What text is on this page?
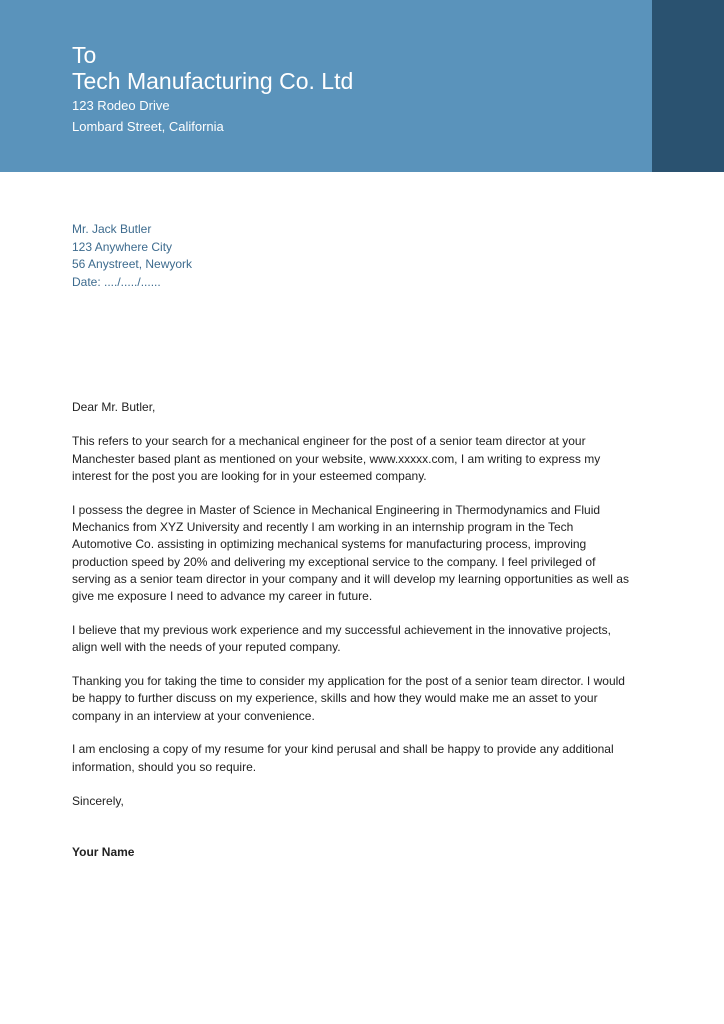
To
Tech Manufacturing Co. Ltd
123 Rodeo Drive
Lombard Street, California
Mr. Jack Butler
123 Anywhere City
56 Anystreet, Newyork
Date: ..../...../......

Dear Mr. Butler,

This refers to your search for a mechanical engineer for the post of a senior team director at your Manchester based plant as mentioned on your website, www.xxxxx.com, I am writing to express my interest for the post you are looking for in your esteemed company.

I possess the degree in Master of Science in Mechanical Engineering in Thermodynamics and Fluid Mechanics from XYZ University and recently I am working in an internship program in the Tech Automotive Co. assisting in optimizing mechanical systems for manufacturing process, improving production speed by 20% and delivering my exceptional service to the company. I feel privileged of serving as a senior team director in your company and it will develop my learning opportunities as well as give me exposure I need to advance my career in future.

I believe that my previous work experience and my successful achievement in the innovative projects, align well with the needs of your reputed company.

Thanking you for taking the time to consider my application for the post of a senior team director. I would be happy to further discuss on my experience, skills and how they would make me an asset to your company in an interview at your convenience.

I am enclosing a copy of my resume for your kind perusal and shall be happy to provide any additional information, should you so require.

Sincerely,

Your Name
